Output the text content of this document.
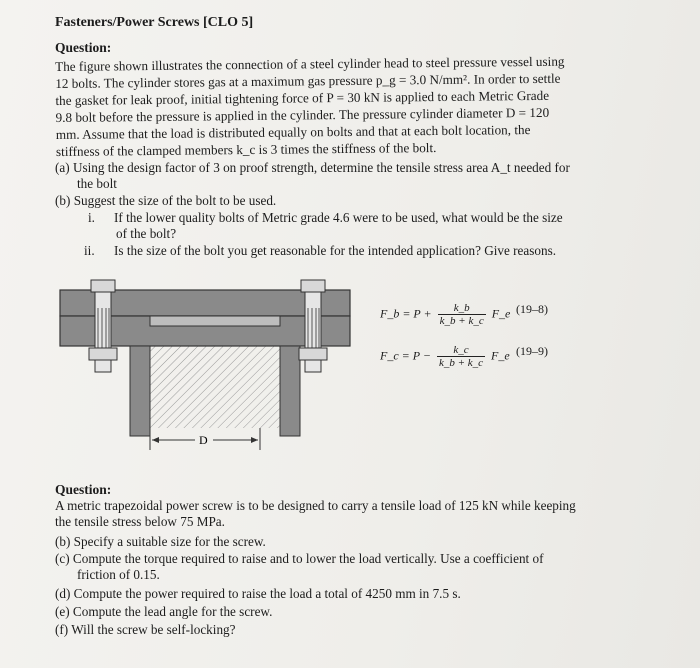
Fasteners/Power Screws [CLO 5]
Question:

The figure shown illustrates the connection of a steel cylinder head to steel pressure vessel using

12 bolts. The cylinder stores gas at a maximum gas pressure p_g = 3.0 N/mm². In order to settle

the gasket for leak proof, initial tightening force of P = 30 kN is applied to each Metric Grade

9.8 bolt before the pressure is applied in the cylinder. The pressure cylinder diameter D = 120

mm. Assume that the load is distributed equally on bolts and that at each bolt location, the

stiffness of the clamped members k_c is 3 times the stiffness of the bolt.

(a) Using the design factor of 3 on proof strength, determine the tensile stress area A_t needed for
the bolt
(b) Suggest the size of the bolt to be used.
i. If the lower quality bolts of Metric grade 4.6 were to be used, what would be the size
of the bolt?
ii. Is the size of the bolt you get reasonable for the intended application? Give reasons.
D
F_b = $P + \frac{k\_b}{k\_b + k\_c}$ F_e (19–8)
F_c = $P - \frac{k\_c}{k\_b + k\_c}$ F_e (19–9)
Question:
A metric trapezoidal power screw is to be designed to carry a tensile load of 125 kN while keeping
the tensile stress below 75 MPa.
(b) Specify a suitable size for the screw.
(c) Compute the torque required to raise and to lower the load vertically. Use a coefficient of
friction of 0.15.
(d) Compute the power required to raise the load a total of 4250 mm in 7.5 s.
(e) Compute the lead angle for the screw.
(f) Will the screw be self-locking?
